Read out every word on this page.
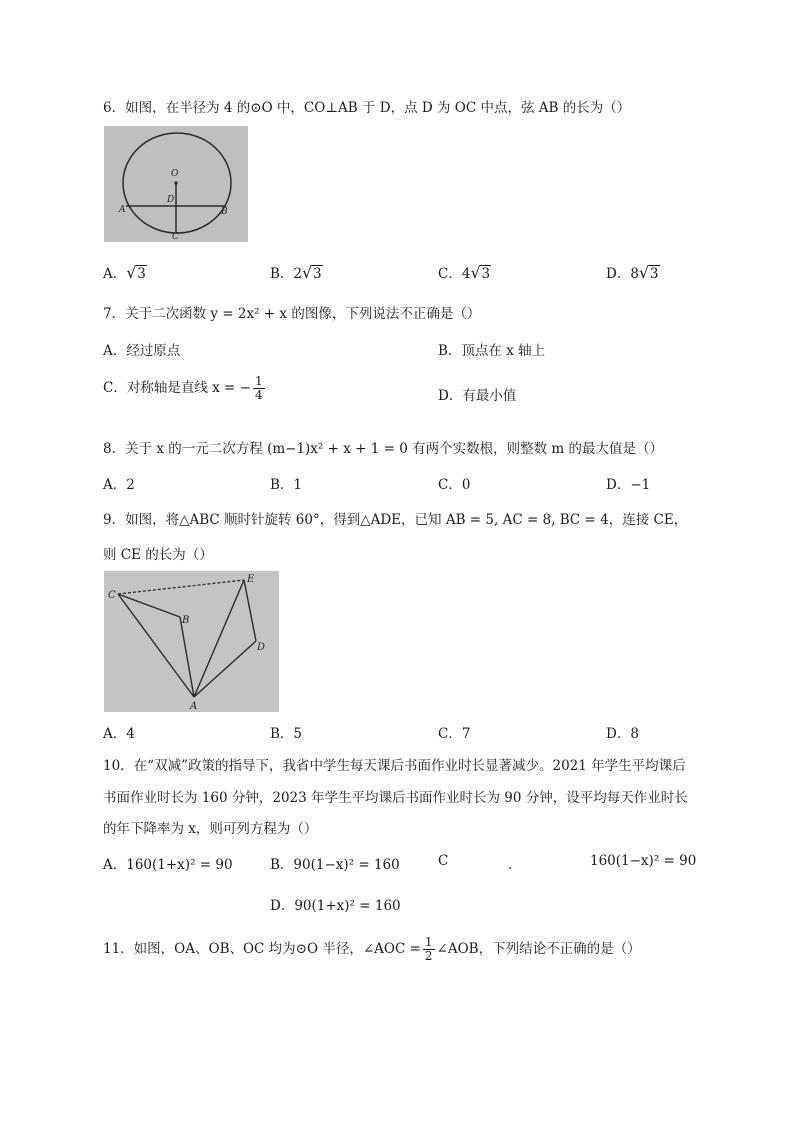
6．如图，在半径为 4 的⊙O 中，CO⊥AB 于 D，点 D 为 OC 中点，弦 AB 的长为（）
O
D
A	B
C
A． √ 3	B．2 √ 3	C．4 √ 3	D．8 √ 3
7．关于二次函数 y = 2x² + x 的图像，下列说法不正确是（）
A．经过原点	B．顶点在 x 轴上
C．对称轴是直线 x = − $\frac{1}{4}$	D．有最小值
8．关于 x 的一元二次方程 (m−1)x² + x + 1 = 0 有两个实数根，则整数 m 的最大值是（）
A．2	B．1	C．0	D．−1
9．如图，将△ABC 顺时针旋转 60°，得到△ADE，已知 AB = 5, AC = 8, BC = 4，连接 CE，
则 CE 的长为（）
C
E
B
D
A
A．4	B．5	C．7	D．8
10．在“双减”政策的指导下，我省中学生每天课后书面作业时长显著减少。2021 年学生平均课后
书面作业时长为 160 分钟，2023 年学生平均课后书面作业时长为 90 分钟，设平均每天作业时长
的年下降率为 x，则可列方程为（）
A．160(1+x)² = 90	B．90(1−x)² = 160	C	．	160(1−x)² = 90
D．90(1+x)² = 160
11．如图，OA、OB、OC 均为⊙O 半径，∠AOC = $\frac{1}{2}$ ∠AOB，下列结论不正确的是（）
